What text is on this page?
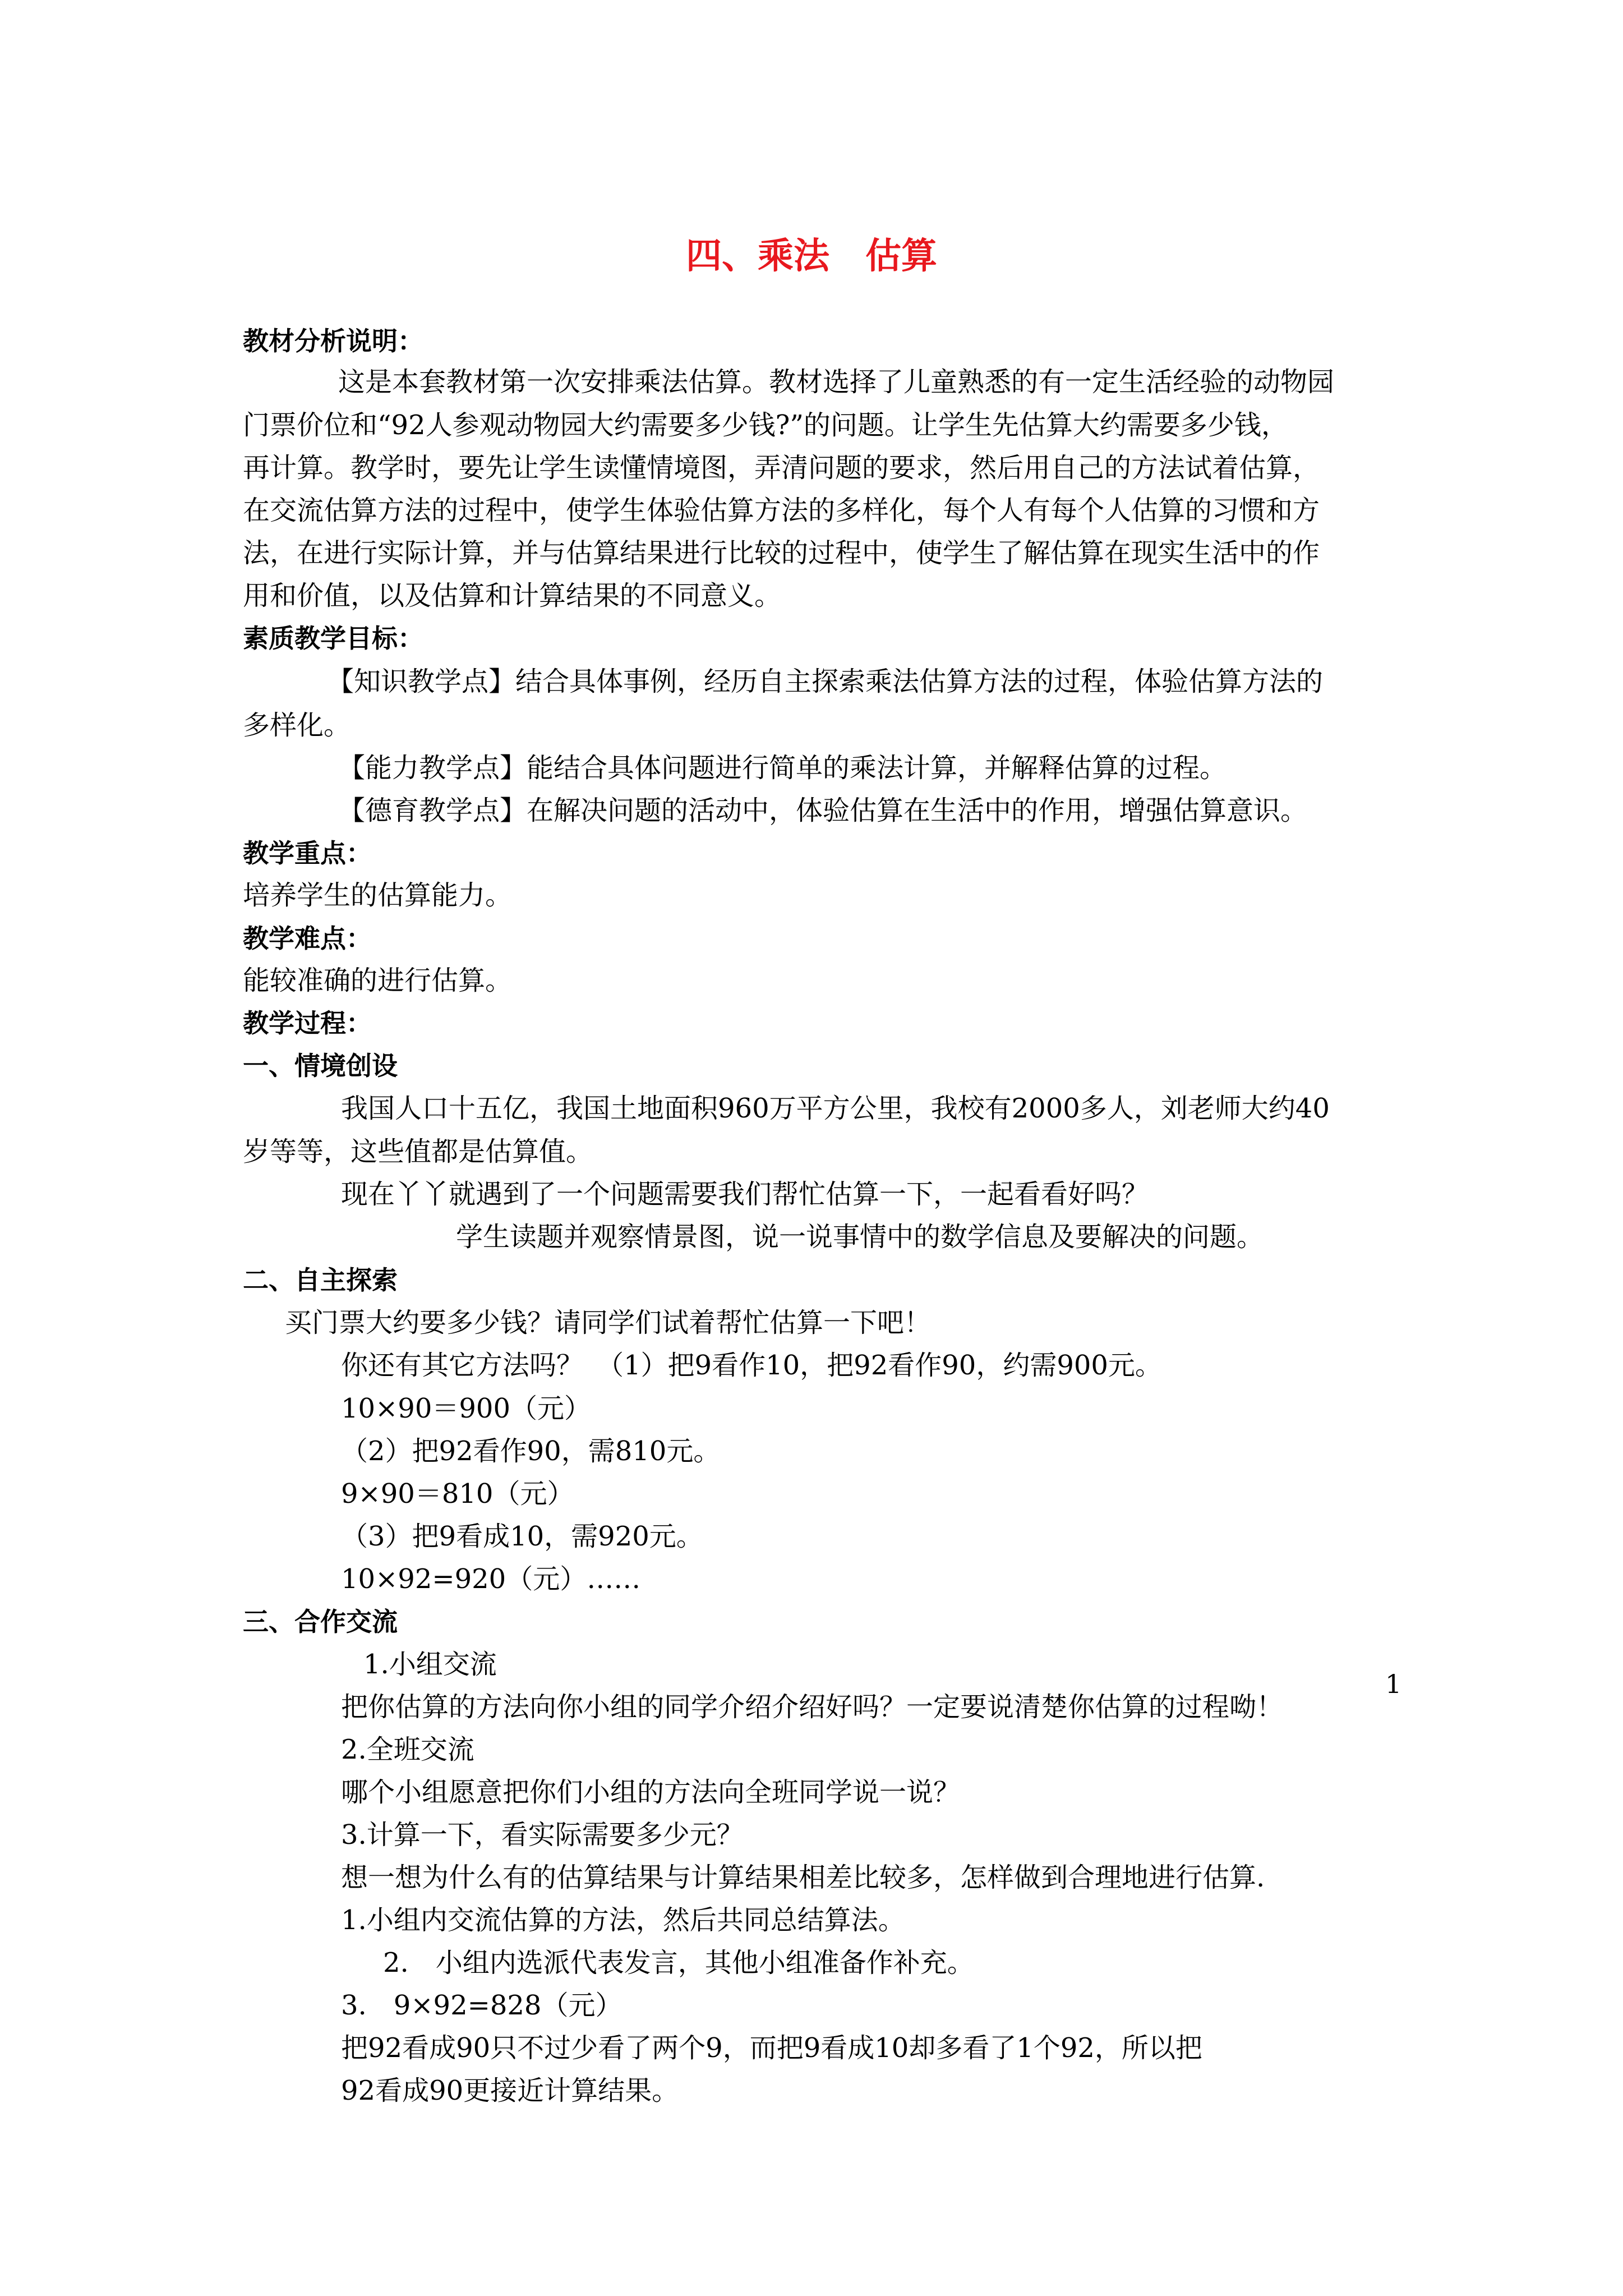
四、乘法　估算
教材分析说明：
这是本套教材第一次安排乘法估算。教材选择了儿童熟悉的有一定生活经验的动物园
门票价位和“92人参观动物园大约需要多少钱?”的问题。让学生先估算大约需要多少钱，
再计算。教学时，要先让学生读懂情境图，弄清问题的要求，然后用自己的方法试着估算，
在交流估算方法的过程中，使学生体验估算方法的多样化，每个人有每个人估算的习惯和方
法，在进行实际计算，并与估算结果进行比较的过程中，使学生了解估算在现实生活中的作
用和价值，以及估算和计算结果的不同意义。
素质教学目标：
【知识教学点】结合具体事例，经历自主探索乘法估算方法的过程，体验估算方法的
多样化。
【能力教学点】能结合具体问题进行简单的乘法计算，并解释估算的过程。
【德育教学点】在解决问题的活动中，体验估算在生活中的作用，增强估算意识。
教学重点：
培养学生的估算能力。
教学难点：
能较准确的进行估算。
教学过程：
一、情境创设
我国人口十五亿，我国土地面积960万平方公里，我校有2000多人，刘老师大约40
岁等等，这些值都是估算值。
现在丫丫就遇到了一个问题需要我们帮忙估算一下，一起看看好吗？
学生读题并观察情景图，说一说事情中的数学信息及要解决的问题。
二、自主探索
买门票大约要多少钱？请同学们试着帮忙估算一下吧！
你还有其它方法吗？　（1）把9看作10，把92看作90，约需900元。
10×90＝900（元）
（2）把92看作90，需810元。
9×90＝810（元）
（3）把9看成10，需920元。
10×92=920（元）……
三、合作交流
1.小组交流
把你估算的方法向你小组的同学介绍介绍好吗？一定要说清楚你估算的过程呦！
2.全班交流
哪个小组愿意把你们小组的方法向全班同学说一说？
3.计算一下，看实际需要多少元？
想一想为什么有的估算结果与计算结果相差比较多，怎样做到合理地进行估算.
1.小组内交流估算的方法，然后共同总结算法。
2.　小组内选派代表发言，其他小组准备作补充。
3.　9×92=828（元）
把92看成90只不过少看了两个9，而把9看成10却多看了1个92，所以把
92看成90更接近计算结果。
1
